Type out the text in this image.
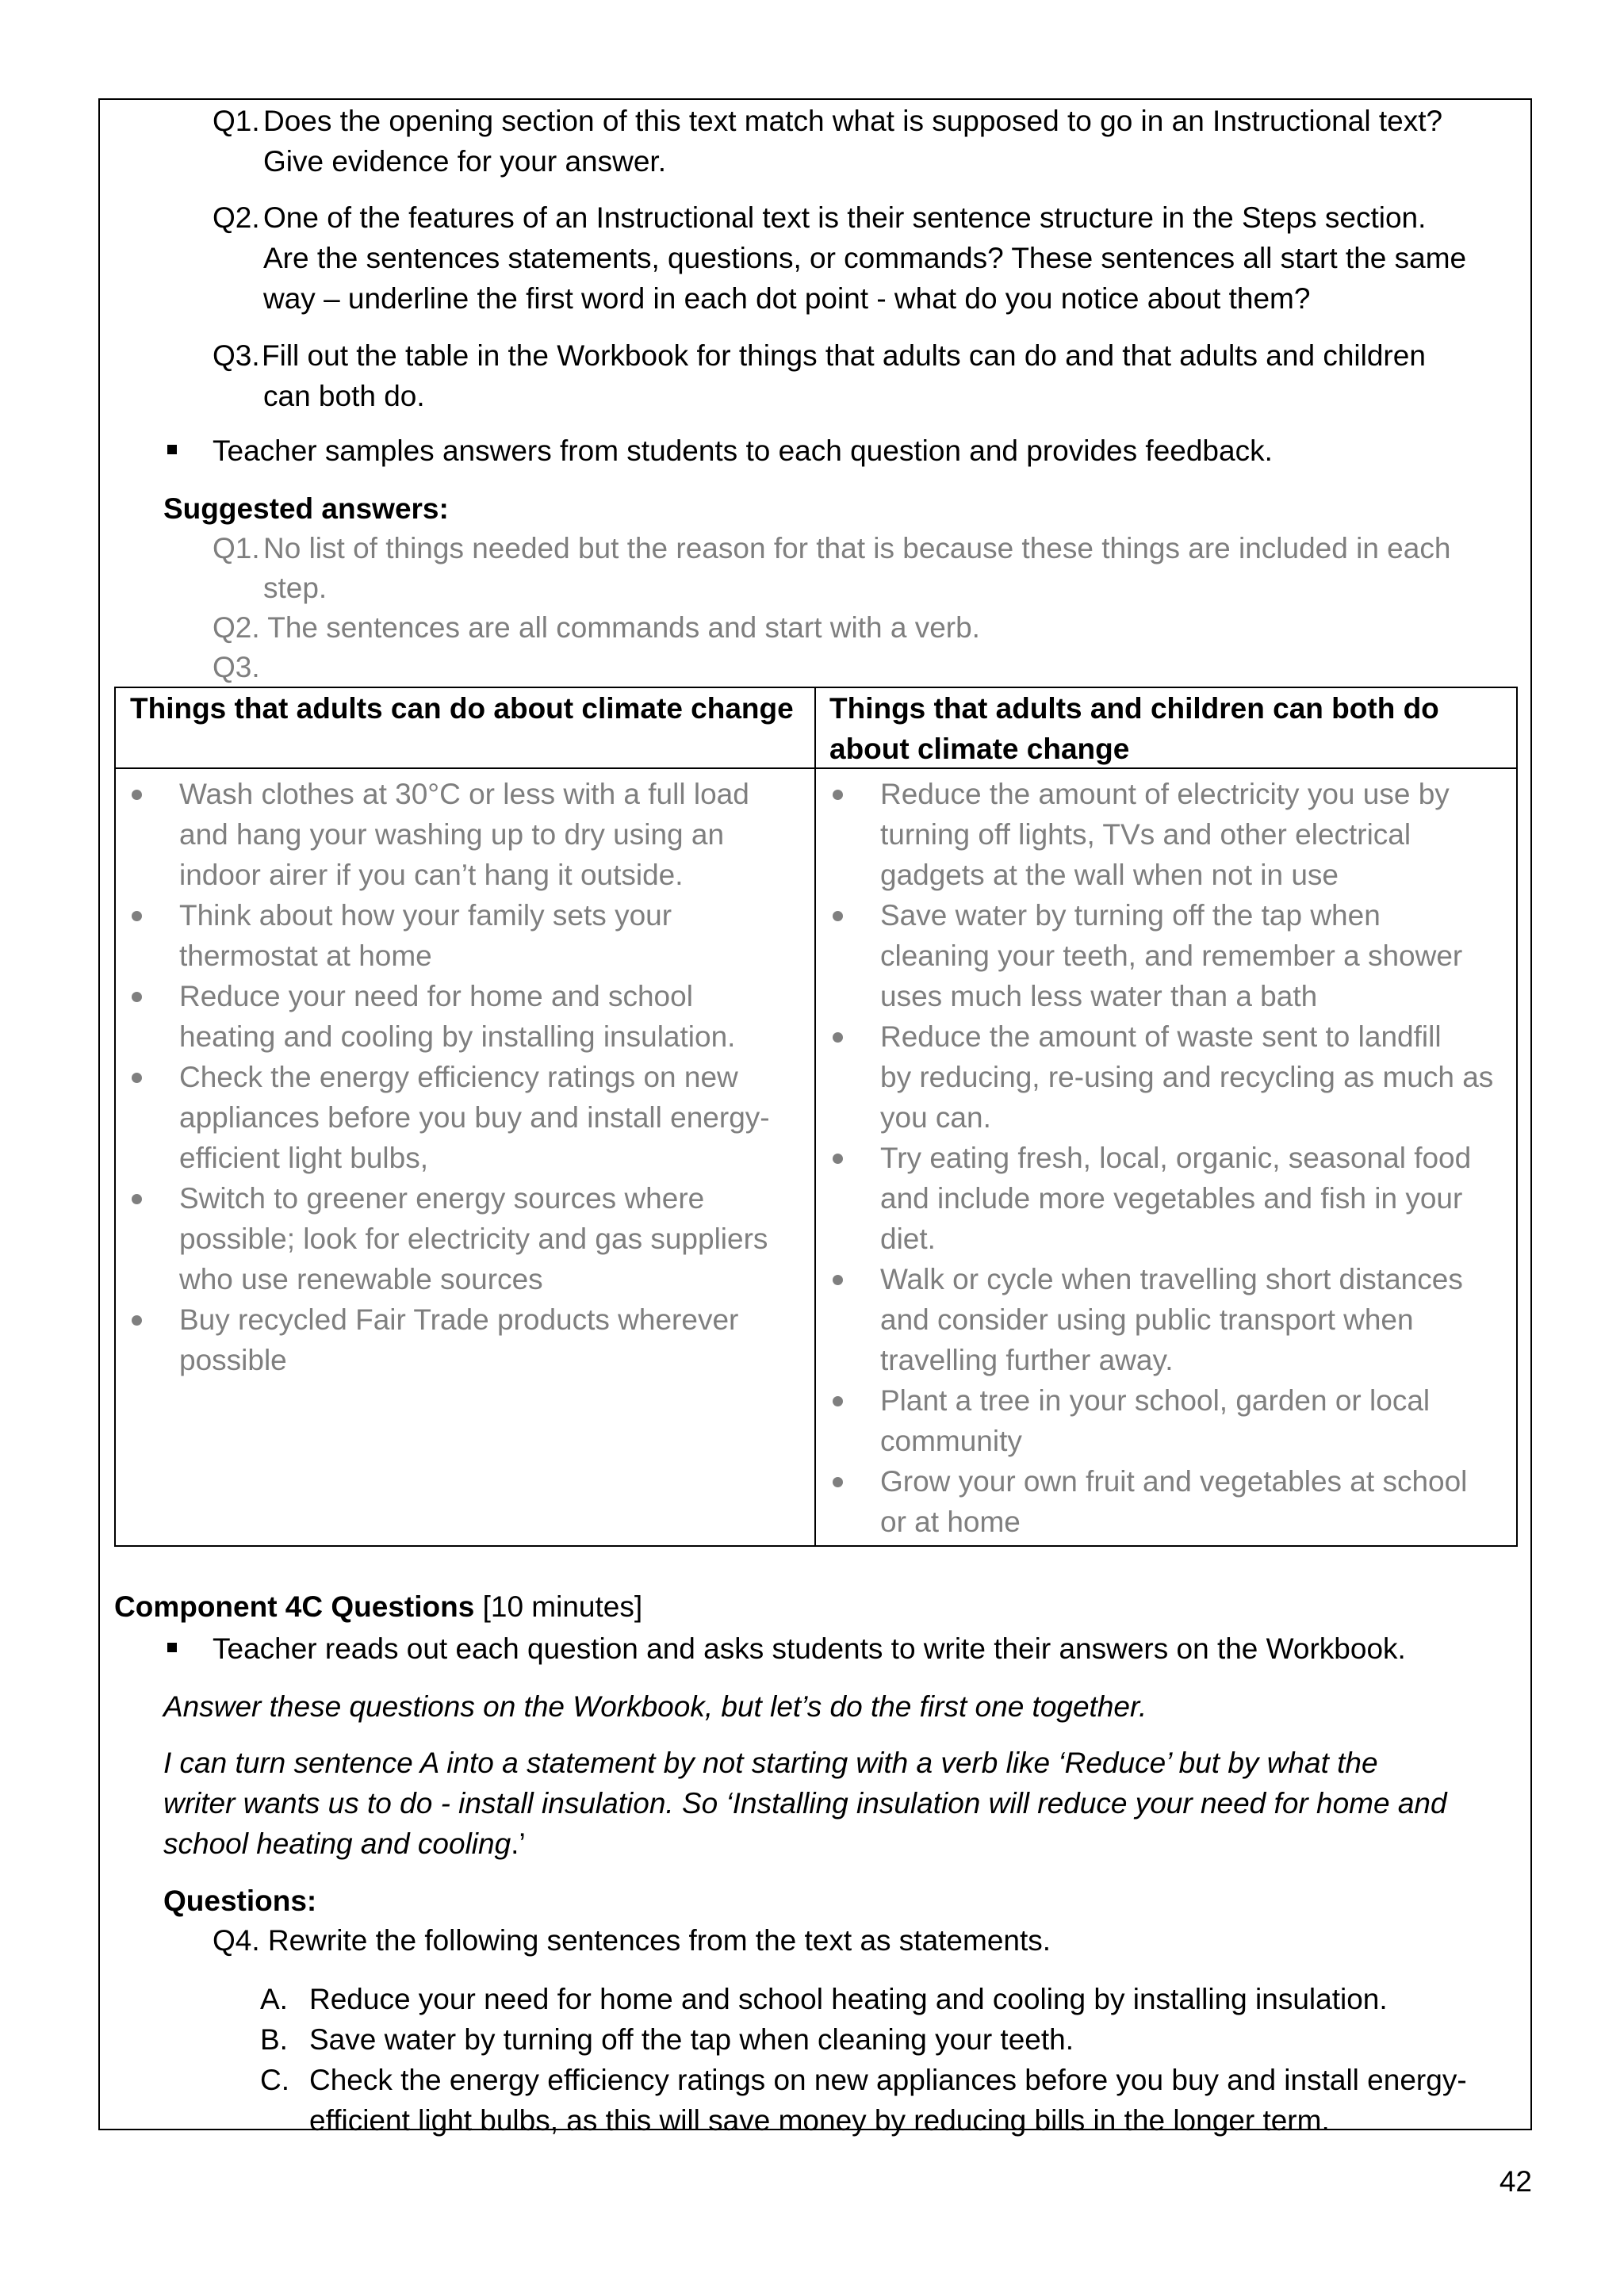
Q1. Does the opening section of this text match what is supposed to go in an Instructional text?
Give evidence for your answer.
Q2. One of the features of an Instructional text is their sentence structure in the Steps section.
Are the sentences statements, questions, or commands? These sentences all start the same
way – underline the first word in each dot point - what do you notice about them?
Q3. Fill out the table in the Workbook for things that adults can do and that adults and children
can both do.
Teacher samples answers from students to each question and provides feedback.
Suggested answers:
Q1. No list of things needed but the reason for that is because these things are included in each
step.
Q2. The sentences are all commands and start with a verb.
Q3.
Things that adults can do about climate change Things that adults and children can both do
about climate change
Wash clothes at 30°C or less with a full load
and hang your washing up to dry using an
indoor airer if you can’t hang it outside.
Think about how your family sets your
thermostat at home
Reduce your need for home and school
heating and cooling by installing insulation.
Check the energy efficiency ratings on new
appliances before you buy and install energy-
efficient light bulbs,
Switch to greener energy sources where
possible; look for electricity and gas suppliers
who use renewable sources
Buy recycled Fair Trade products wherever
possible
Reduce the amount of electricity you use by
turning off lights, TVs and other electrical
gadgets at the wall when not in use
Save water by turning off the tap when
cleaning your teeth, and remember a shower
uses much less water than a bath
Reduce the amount of waste sent to landfill
by reducing, re-using and recycling as much as
you can.
Try eating fresh, local, organic, seasonal food
and include more vegetables and fish in your
diet.
Walk or cycle when travelling short distances
and consider using public transport when
travelling further away.
Plant a tree in your school, garden or local
community
Grow your own fruit and vegetables at school
or at home
Component 4C Questions [10 minutes]
Teacher reads out each question and asks students to write their answers on the Workbook.
Answer these questions on the Workbook, but let’s do the first one together.
I can turn sentence A into a statement by not starting with a verb like ‘Reduce’ but by what the
writer wants us to do - install insulation. So ‘Installing insulation will reduce your need for home and
school heating and cooling.’
Questions:
Q4. Rewrite the following sentences from the text as statements.
A. Reduce your need for home and school heating and cooling by installing insulation.
B. Save water by turning off the tap when cleaning your teeth.
C. Check the energy efficiency ratings on new appliances before you buy and install energy-
efficient light bulbs, as this will save money by reducing bills in the longer term.
42
